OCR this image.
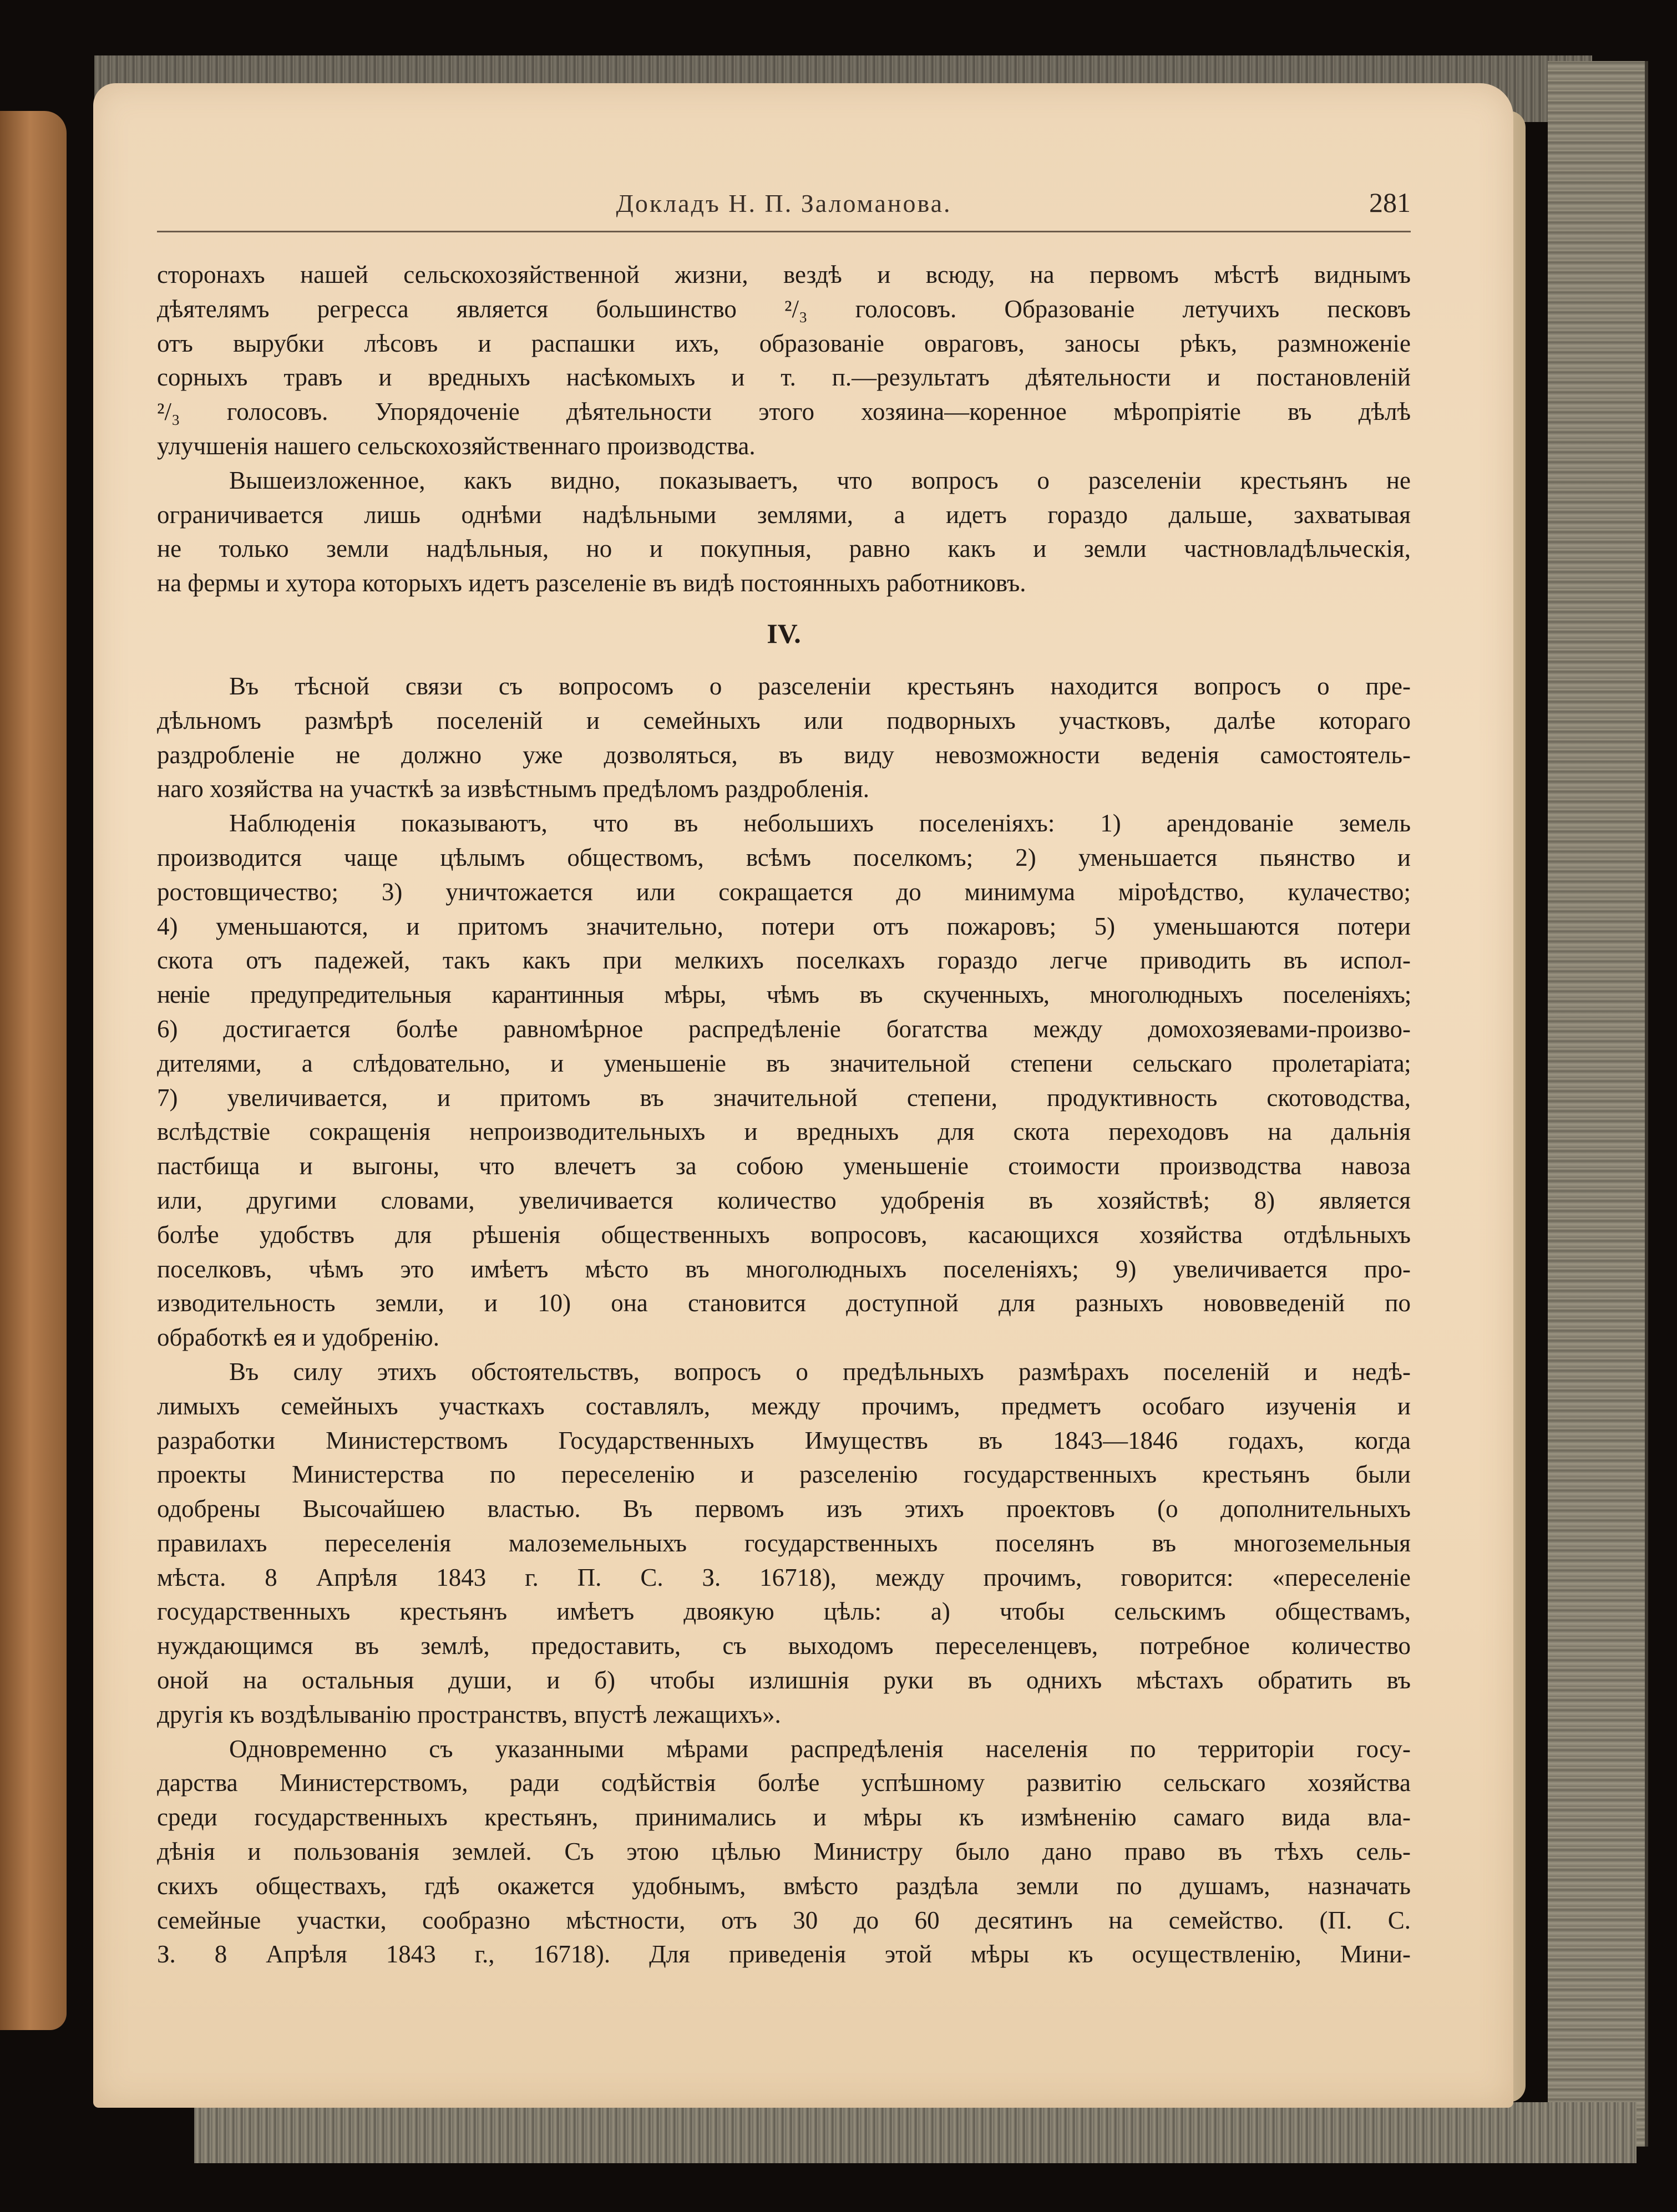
Докладъ Н. П. Заломанова.	281

сторонахъ нашей сельскохозяйственной жизни, вездѣ и всюду, на первомъ мѣстѣ виднымъ

дѣятелямъ регресса является большинство ²/₃ голосовъ. Образованіе летучихъ песковъ

отъ вырубки лѣсовъ и распашки ихъ, образованіе овраговъ, заносы рѣкъ, размноженіе

сорныхъ травъ и вредныхъ насѣкомыхъ и т. п.—результатъ дѣятельности и постановленій

²/₃ голосовъ. Упорядоченіе дѣятельности этого хозяина—коренное мѣропріятіе въ дѣлѣ

улучшенія нашего сельскохозяйственнаго производства.

Вышеизложенное, какъ видно, показываетъ, что вопросъ о разселеніи крестьянъ не

ограничивается лишь однѣми надѣльными землями, а идетъ гораздо дальше, захватывая

не только земли надѣльныя, но и покупныя, равно какъ и земли частновладѣльческія,

на фермы и хутора которыхъ идетъ разселеніе въ видѣ постоянныхъ работниковъ.

IV.

Въ тѣсной связи съ вопросомъ о разселеніи крестьянъ находится вопросъ о пре-

дѣльномъ размѣрѣ поселеній и семейныхъ или подворныхъ участковъ, далѣе котораго

раздробленіе не должно уже дозволяться, въ виду невозможности веденія самостоятель-

наго хозяйства на участкѣ за извѣстнымъ предѣломъ раздробленія.

Наблюденія показываютъ, что въ небольшихъ поселеніяхъ: 1) арендованіе земель

производится чаще цѣлымъ обществомъ, всѣмъ поселкомъ; 2) уменьшается пьянство и

ростовщичество; 3) уничтожается или сокращается до минимума міроѣдство, кулачество;

4) уменьшаются, и притомъ значительно, потери отъ пожаровъ; 5) уменьшаются потери

скота отъ падежей, такъ какъ при мелкихъ поселкахъ гораздо легче приводить въ испол-

неніе предупредительныя карантинныя мѣры, чѣмъ въ скученныхъ, многолюдныхъ поселеніяхъ;

6) достигается болѣе равномѣрное распредѣленіе богатства между домохозяевами-произво-

дителями, а слѣдовательно, и уменьшеніе въ значительной степени сельскаго пролетаріата;

7) увеличивается, и притомъ въ значительной степени, продуктивность скотоводства,

вслѣдствіе сокращенія непроизводительныхъ и вредныхъ для скота переходовъ на дальнія

пастбища и выгоны, что влечетъ за собою уменьшеніе стоимости производства навоза

или, другими словами, увеличивается количество удобренія въ хозяйствѣ; 8) является

болѣе удобствъ для рѣшенія общественныхъ вопросовъ, касающихся хозяйства отдѣльныхъ

поселковъ, чѣмъ это имѣетъ мѣсто въ многолюдныхъ поселеніяхъ; 9) увеличивается про-

изводительность земли, и 10) она становится доступной для разныхъ нововведеній по

обработкѣ ея и удобренію.

Въ силу этихъ обстоятельствъ, вопросъ о предѣльныхъ размѣрахъ поселеній и недѣ-

лимыхъ семейныхъ участкахъ составлялъ, между прочимъ, предметъ особаго изученія и

разработки Министерствомъ Государственныхъ Имуществъ въ 1843—1846 годахъ, когда

проекты Министерства по переселенію и разселенію государственныхъ крестьянъ были

одобрены Высочайшею властью. Въ первомъ изъ этихъ проектовъ (о дополнительныхъ

правилахъ переселенія малоземельныхъ государственныхъ поселянъ въ многоземельныя

мѣста. 8 Апрѣля 1843 г. П. С. З. 16718), между прочимъ, говорится: «переселеніе

государственныхъ крестьянъ имѣетъ двоякую цѣль: а) чтобы сельскимъ обществамъ,

нуждающимся въ землѣ, предоставить, съ выходомъ переселенцевъ, потребное количество

оной на остальныя души, и б) чтобы излишнія руки въ однихъ мѣстахъ обратить въ

другія къ воздѣлыванію пространствъ, впустѣ лежащихъ».

Одновременно съ указанными мѣрами распредѣленія населенія по территоріи госу-

дарства Министерствомъ, ради содѣйствія болѣе успѣшному развитію сельскаго хозяйства

среди государственныхъ крестьянъ, принимались и мѣры къ измѣненію самаго вида вла-

дѣнія и пользованія землей. Съ этою цѣлью Министру было дано право въ тѣхъ сель-

скихъ обществахъ, гдѣ окажется удобнымъ, вмѣсто раздѣла земли по душамъ, назначать

семейные участки, сообразно мѣстности, отъ 30 до 60 десятинъ на семейство. (П. С.

З. 8 Апрѣля 1843 г., 16718). Для приведенія этой мѣры къ осуществленію, Мини-
